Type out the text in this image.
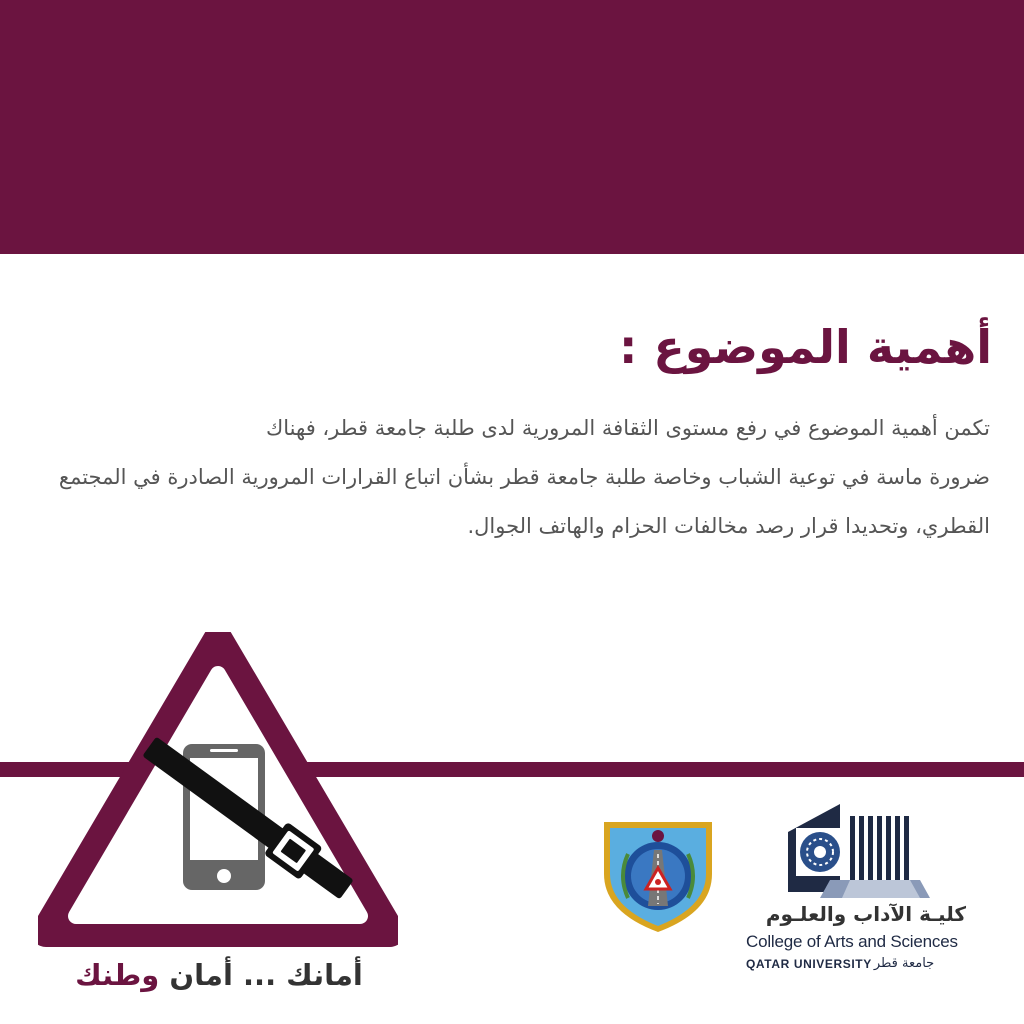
أهمية الموضوع :
تكمن أهمية الموضوع في رفع مستوى الثقافة المرورية لدى طلبة جامعة قطر، فهناك
ضرورة ماسة في توعية الشباب وخاصة طلبة جامعة قطر بشأن اتباع القرارات المرورية الصادرة في المجتمع
القطري، وتحديدا قرار رصد مخالفات الحزام والهاتف الجوال.
أمانك ... أمان وطنك
كليـة الآداب والعلـوم
College of Arts and Sciences
QATAR UNIVERSITY جامعة قطر
